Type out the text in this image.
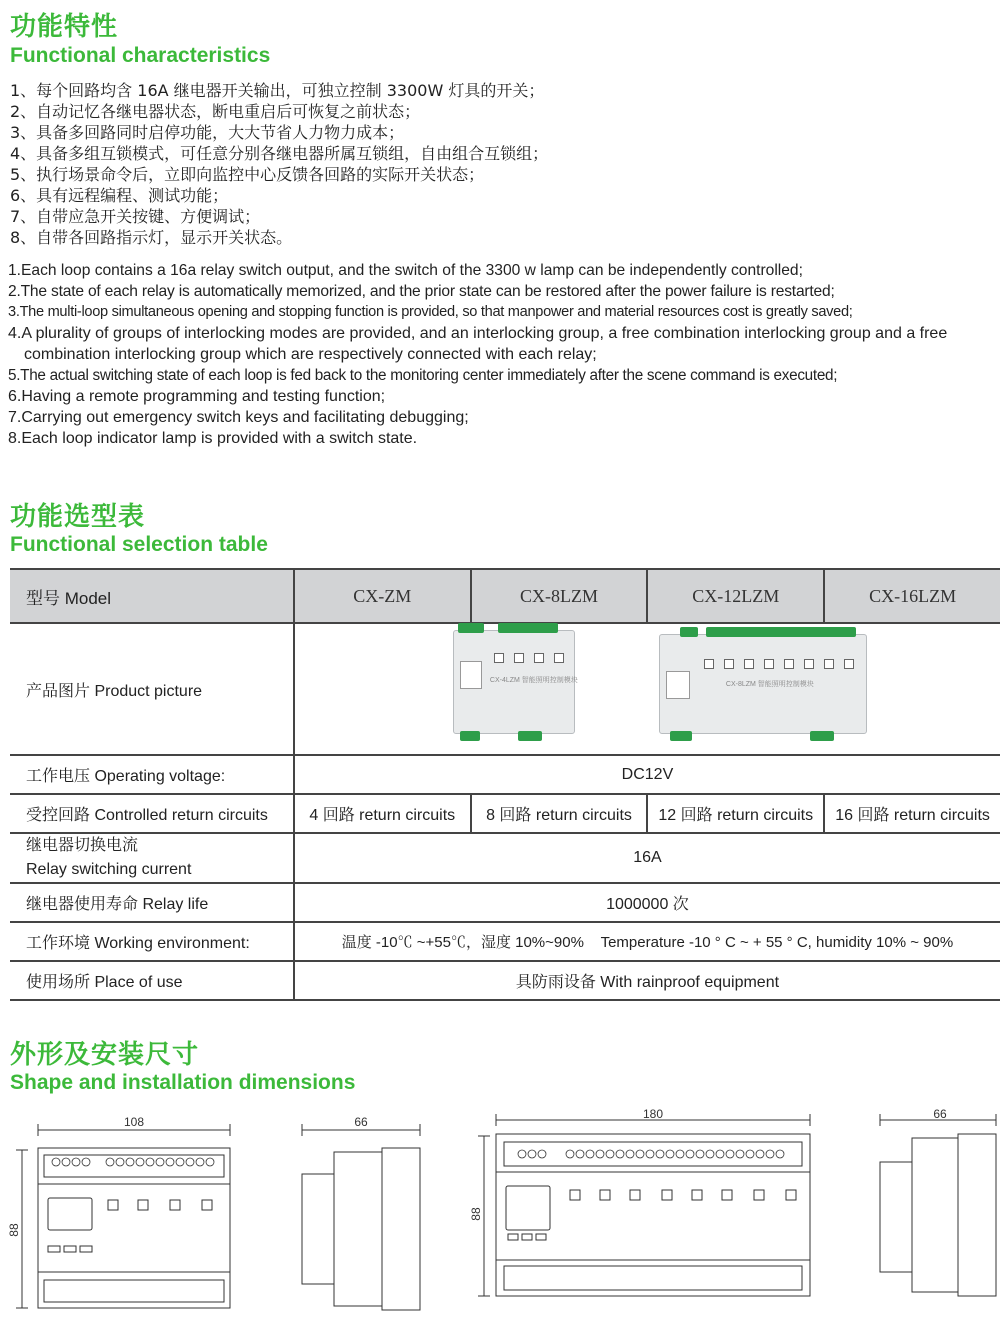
功能特性
Functional characteristics
1、每个回路均含 16A 继电器开关输出，可独立控制 3300W 灯具的开关；
2、自动记忆各继电器状态，断电重启后可恢复之前状态；
3、具备多回路同时启停功能，大大节省人力物力成本；
4、具备多组互锁模式，可任意分别各继电器所属互锁组，自由组合互锁组；
5、执行场景命令后，立即向监控中心反馈各回路的实际开关状态；
6、具有远程编程、测试功能；
7、自带应急开关按键、方便调试；
8、自带各回路指示灯，显示开关状态。
1.Each loop contains a 16a relay switch output, and the switch of the 3300 w lamp can be independently controlled;
2.The state of each relay is automatically memorized, and the prior state can be restored after the power failure is restarted;
3.The multi-loop simultaneous opening and stopping function is provided, so that manpower and material resources cost is greatly saved;
4.A plurality of groups of interlocking modes are provided, and an interlocking group, a free combination interlocking group and a free combination interlocking group which are respectively connected with each relay;
5.The actual switching state of each loop is fed back to the monitoring center immediately after the scene command is executed;
6.Having a remote programming and testing function;
7.Carrying out emergency switch keys and facilitating debugging;
8.Each loop indicator lamp is provided with a switch state.
功能选型表
Functional selection table
型号 Model	CX-ZM	CX-8LZM	CX-12LZM	CX-16LZM
产品图片 Product picture	CX-4LZM 智能照明控制模块
CX-8LZM 智能照明控制模块			

工作电压 Operating voltage:	DC12V			
受控回路 Controlled return circuits	4 回路 return circuits	8 回路 return circuits	12 回路 return circuits	16 回路 return circuits

继电器切换电流
Relay switching current	16A			
继电器使用寿命 Relay life	1000000 次			
工作环境 Working environment:	温度 -10℃ ~+55℃，湿度 10%~90%    Temperature -10 ° C ~ + 55 ° C, humidity 10% ~ 90%			
使用场所 Place of use	具防雨设备 With rainproof equipment			
外形及安装尺寸
Shape and installation dimensions
108
88
66
180
88
66
